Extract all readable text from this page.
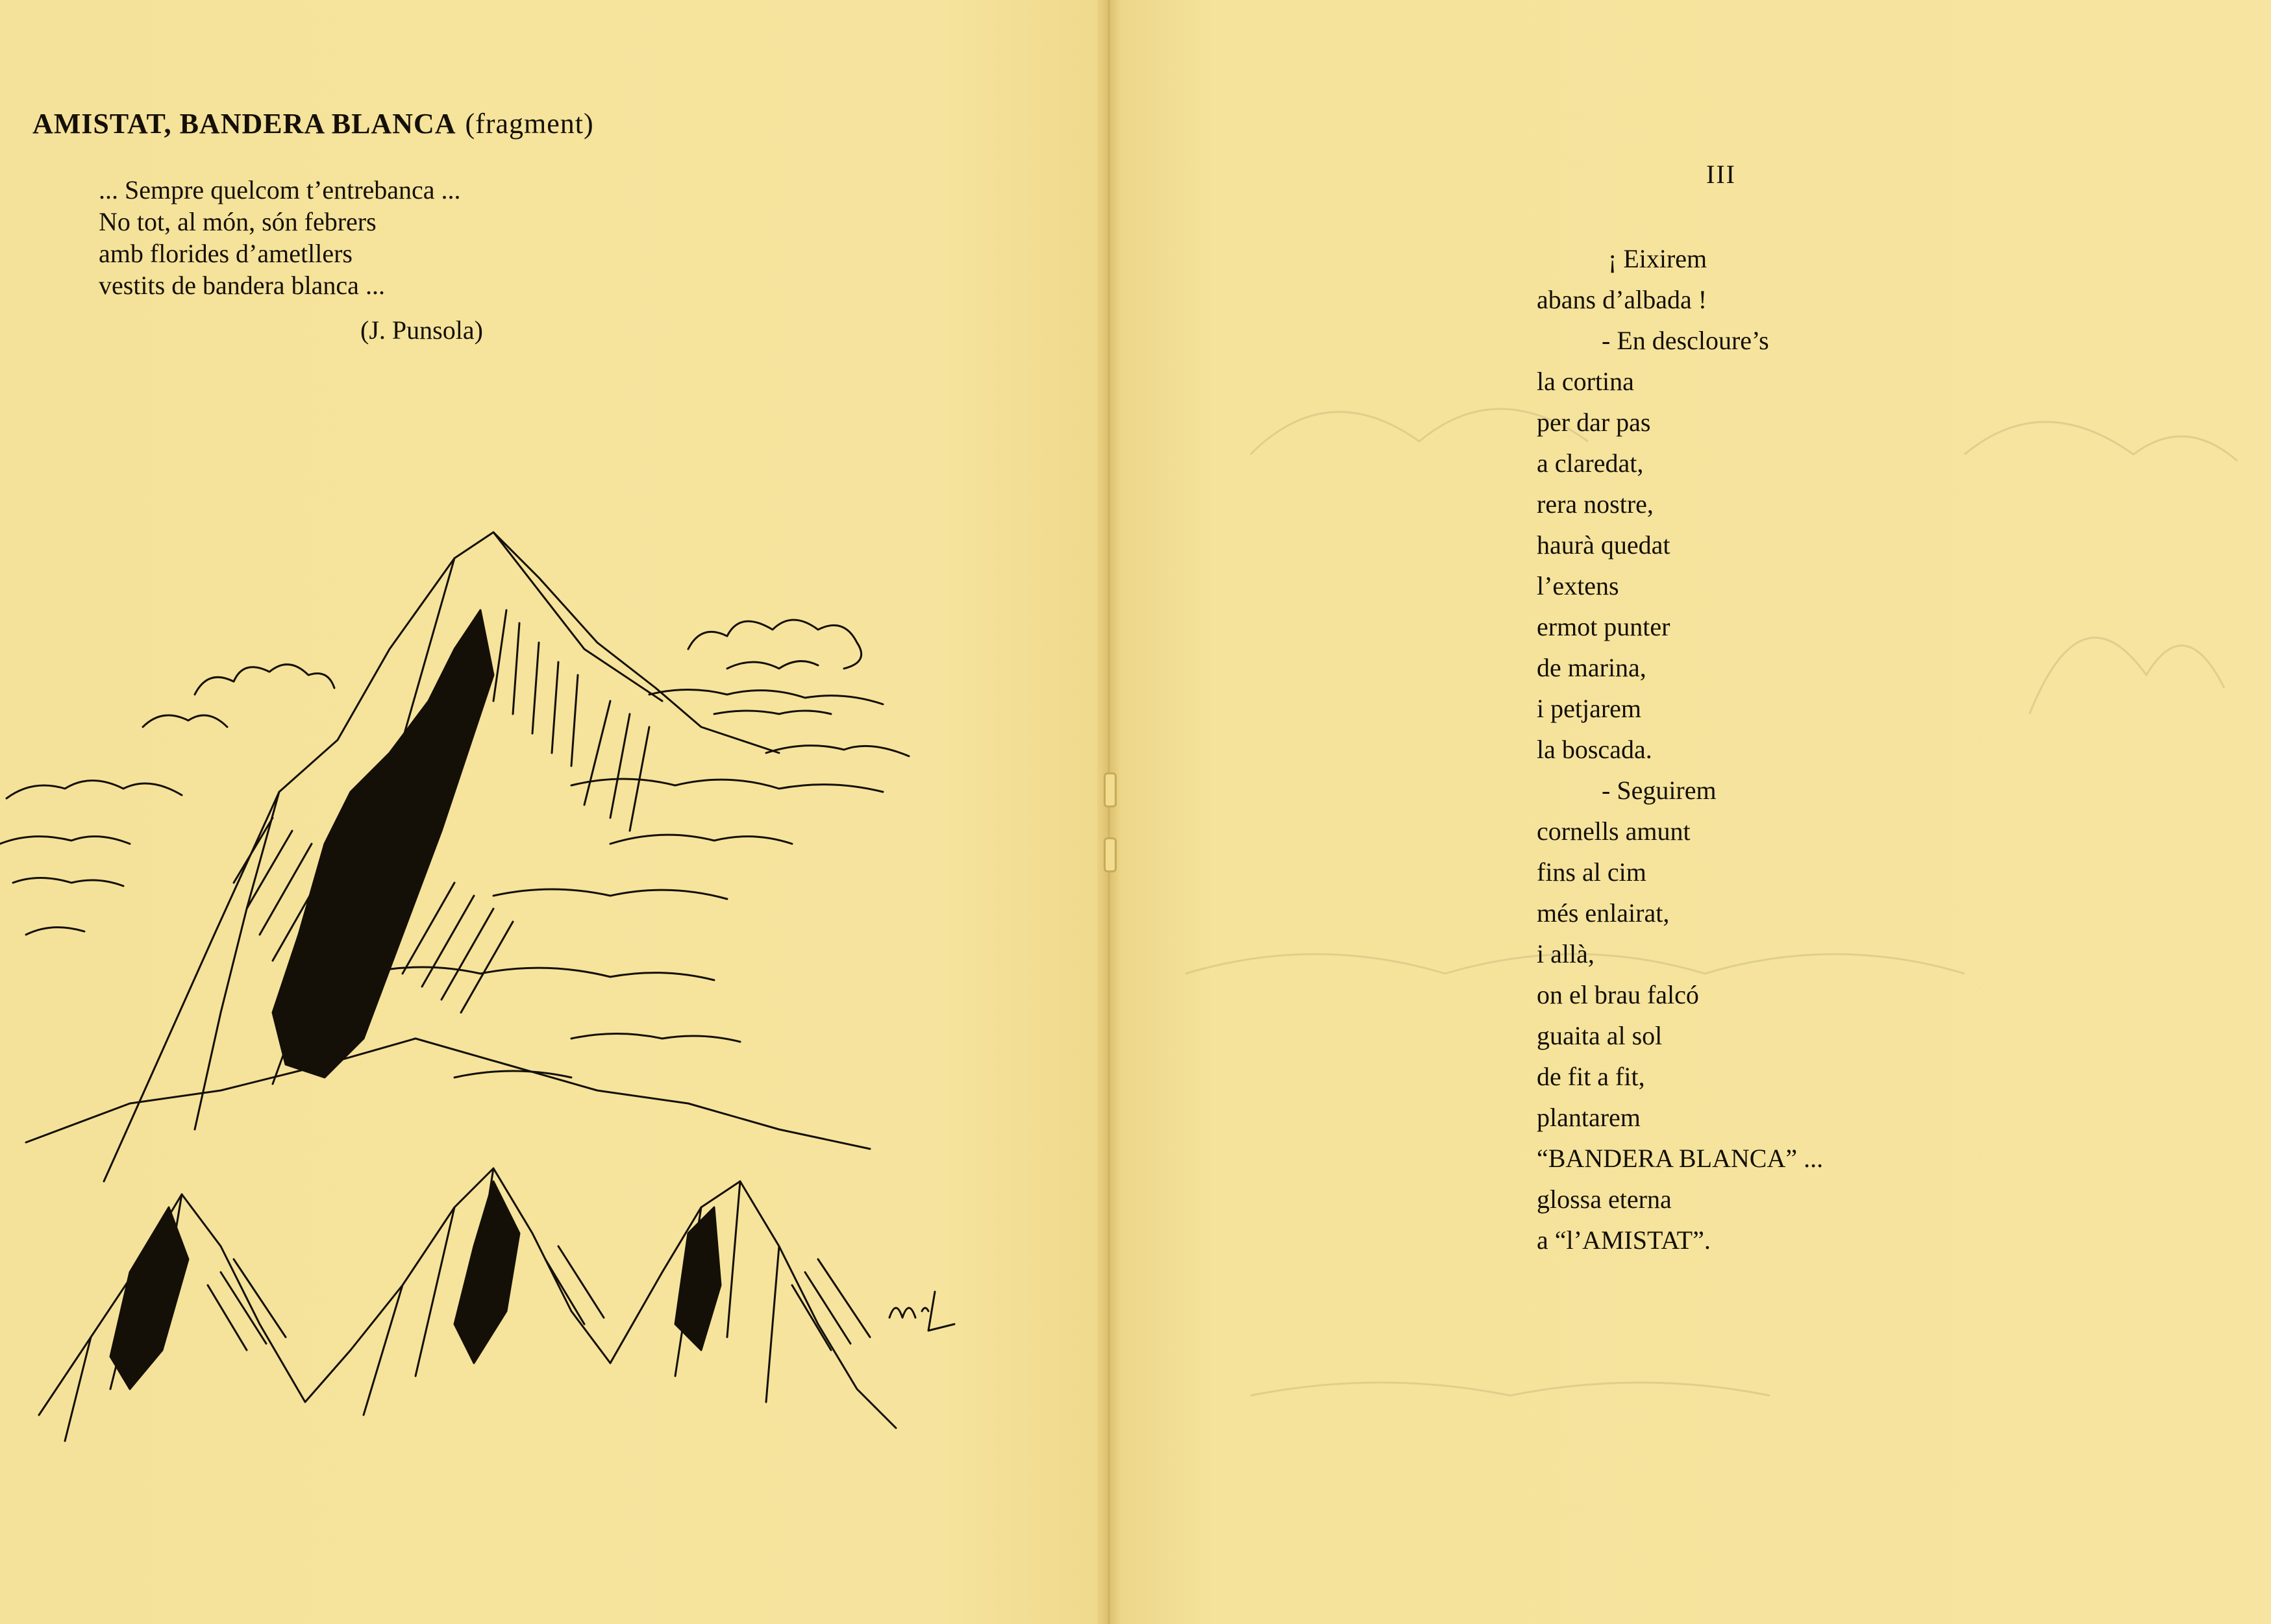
AMISTAT, BANDERA BLANCA (fragment)
... Sempre quelcom t’entrebanca ...
No tot, al món, són febrers
amb florides d’ametllers
vestits de bandera blanca ...
(J. Punsola)
III
¡ Eixirem
abans d’albada !
- En descloure’s
la cortina
per dar pas
a claredat,
rera nostre,
haurà quedat
l’extens
ermot punter
de marina,
i petjarem
la boscada.
- Seguirem
cornells amunt
fins al cim
més enlairat,
i allà,
on el brau falcó
guaita al sol
de fit a fit,
plantarem
“BANDERA BLANCA” ...
glossa eterna
a “l’AMISTAT”.
